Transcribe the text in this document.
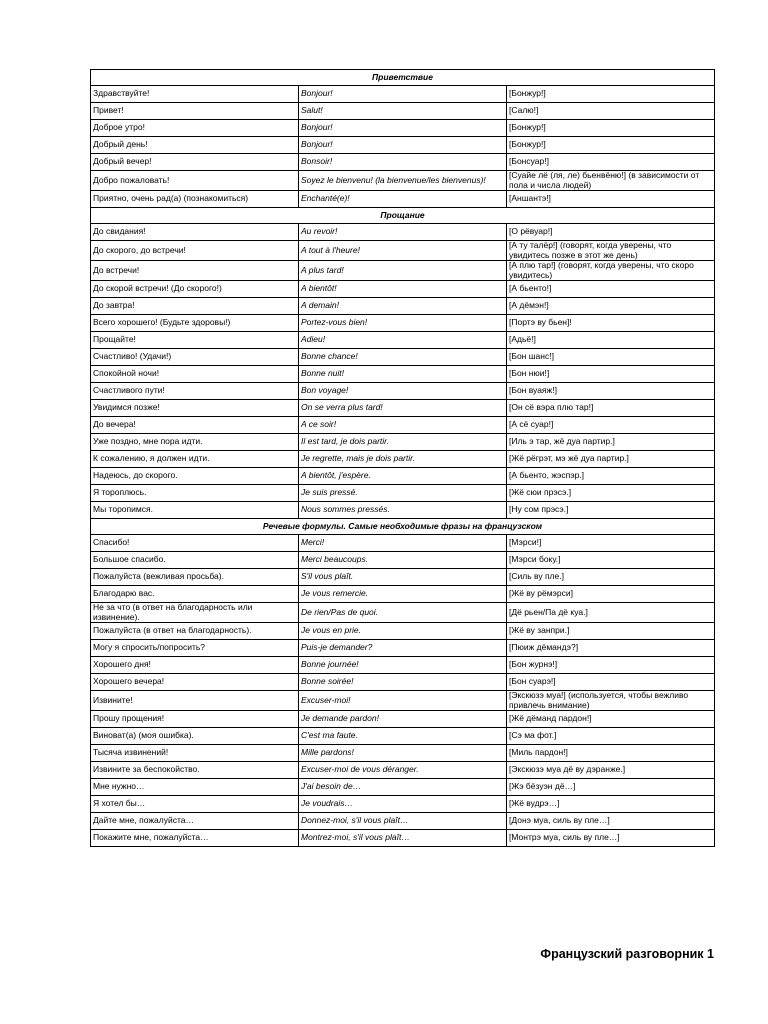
Приветствие		
Здравствуйте!	Bonjour!	[Бонжур!]
Привет!	Salut!	[Салю!]
Доброе утро!	Bonjour!	[Бонжур!]
Добрый день!	Bonjour!	[Бонжур!]
Добрый вечер!	Bonsoir!	[Бонсуар!]
Добро пожаловать!	Soyez le bienvenu! (la bienvenue/les bienvenus)!	[Суайе лё (ля, ле) бьенвёню!] (в зависимости от пола и числа людей)
Приятно, очень рад(а) (познакомиться)	Enchanté(e)!	[Аншантэ!]
Прощание		
До свидания!	Au revoir!	[О рёвуар!]
До скорого, до встречи!	A tout à l'heure!	[А ту талёр!] (говорят, когда уверены, что увидитесь позже в этот же день)
До встречи!	A plus tard!	[А плю тар!] (говорят, когда уверены, что скоро увидитесь)
До скорой встречи! (До скорого!)	A bientôt!	[А бьенто!]
До завтра!	A demain!	[А дёмэн!]
Всего хорошего! (Будьте здоровы!)	Portez-vous bien!	[Портэ ву бьен]!
Прощайте!	Adieu!	[Адьё!]
Счастливо! (Удачи!)	Bonne chance!	[Бон шанс!]
Спокойной ночи!	Bonne nuit!	[Бон нюи!]
Счастливого пути!	Bon voyage!	[Бон вуаяж!]
Увидимся позже!	On se verra plus tard!	[Он сё вэра плю тар!]
До вечера!	A ce soir!	[А сё суар!]
Уже поздно, мне пора идти.	Il est tard, je dois partir.	[Иль э тар, жё дуа партир.]
К сожалению, я должен идти.	Je regrette, mais je dois partir.	[Жё рёгрэт, мэ жё дуа партир.]
Надеюсь, до скорого.	A bientôt, j'espère.	[А бьенто, жэспэр.]
Я тороплюсь.	Je suis pressé.	[Жё сюи прэсэ.]
Мы торопимся.	Nous sommes pressés.	[Ну сом прэсэ.]
Речевые формулы. Самые необходимые фразы на французском		
Спасибо!	Merci!	[Мэрси!]
Большое спасибо.	Merci beaucoups.	[Мэрси боку.]
Пожалуйста (вежливая просьба).	S'il vous plaît.	[Силь ву пле.]
Благодарю вас.	Je vous remercie.	[Жё ву рёмэрси]
Не за что (в ответ на благодарность или извинение).	De rien/Pas de quoi.	[Дё рьен/Па дё куа.]
Пожалуйста (в ответ на благодарность).	Je vous en prie.	[Жё ву занпри.]
Могу я спросить/попросить?	Puis-je demander?	[Пюиж дёмандэ?]
Хорошего дня!	Bonne journée!	[Бон журнэ!]
Хорошего вечера!	Bonne soirée!	[Бон суарэ!]
Извините!	Excuser-moi!	[Экскюзэ муа!] (используется, чтобы вежливо привлечь внимание)
Прошу прощения!	Je demande pardon!	[Жё дёманд пардон!]
Виноват(а) (моя ошибка).	C'est ma faute.	[Сэ ма фот.]
Тысяча извинений!	Mille pardons!	[Миль пардон!]
Извините за беспокойство.	Excuser-moi de vous déranger.	[Экскюзэ муа дё ву дэранже.]
Мне нужно…	J'ai besoin de…	[Жэ бёзуэн дё…]
Я хотел бы…	Je voudrais…	[Жё вудрэ…]
Дайте мне, пожалуйста…	Donnez-moi, s'il vous plaît…	[Донэ муа, силь ву пле…]
Покажите мне, пожалуйста…	Montrez-moi, s'il vous plaît…	[Монтрэ муа, силь ву пле…]
Французский разговорник 1
